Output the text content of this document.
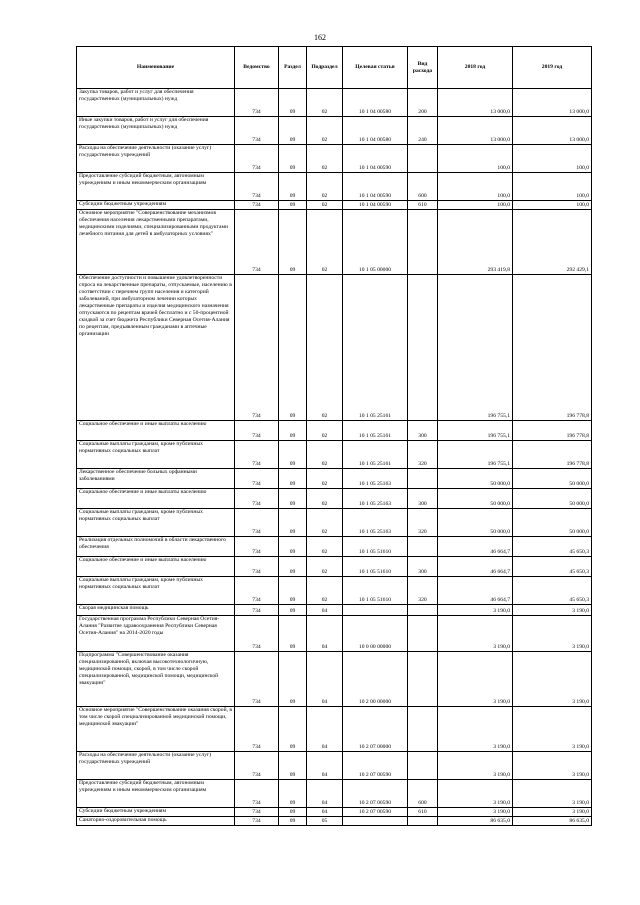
162
Наименование	Ведомство	Раздел	Подраздел	Целевая статья	Вид расхода	2018 год	2019 год
Закупка товаров, работ и услуг для обеспечения государственных (муниципальных) нужд	734	09	02	10 1 04 00580	200	13 000,0	13 000,0
Иные закупки товаров, работ и услуг для обеспечения государственных (муниципальных) нужд	734	09	02	10 1 04 00580	240	13 000,0	13 000,0
Расходы на обеспечение деятельности (оказание услуг) государственных учреждений	734	09	02	10 1 04 00590		100,0	100,0
Предоставление субсидий бюджетным, автономным учреждениям и иным некоммерческим организациям	734	09	02	10 1 04 00590	600	100,0	100,0
Субсидии бюджетным учреждениям	734	09	02	10 1 04 00590	610	100,0	100,0
Основное мероприятие "Совершенствование механизмов обеспечения населения лекарственными препаратами, медицинскими изделиями, специализированными продуктами лечебного питания для детей в амбулаторных условиях"	734	09	02	10 1 05 00000		293 419,8	292 429,1
Обеспечение доступности и повышение удовлетворенности спроса на лекарственные препараты, отпускаемые, населению в соответствии с перечнем групп населения и категорий заболеваний, при амбулаторном лечении которых лекарственные препараты и изделия медицинского назначения отпускаются по рецептам врачей бесплатно и с 50-процентной скидкой за счет бюджета Республики Северная Осетия-Алания по рецептам, предъявленным гражданами в аптечные организации	734	09	02	10 1 05 25161		196 755,1	196 778,8
Социальное обеспечение и иные выплаты населению	734	09	02	10 1 05 25161	300	196 755,1	196 778,8
Социальные выплаты гражданам, кроме публичных нормативных социальных выплат	734	09	02	10 1 05 25161	320	196 755,1	196 778,8
Лекарственное обеспечение больных орфанными заболеваниями	734	09	02	10 1 05 25163		50 000,0	50 000,0
Социальное обеспечение и иные выплаты населению	734	09	02	10 1 05 25163	300	50 000,0	50 000,0
Социальные выплаты гражданам, кроме публичных нормативных социальных выплат	734	09	02	10 1 05 25163	320	50 000,0	50 000,0
Реализация отдельных полномочий в области лекарственного обеспечения	734	09	02	10 1 05 51610		46 664,7	45 650,3
Социальное обеспечение и иные выплаты населению	734	09	02	10 1 05 51610	300	46 664,7	45 650,3
Социальные выплаты гражданам, кроме публичных нормативных социальных выплат	734	09	02	10 1 05 51610	320	46 664,7	45 650,3
Скорая медицинская помощь	734	09	04			3 190,0	3 190,0
Государственная программа Республики Северная Осетия-Алания "Развитие здравоохранения Республики Северная Осетия-Алания" на 2014-2020 годы	734	09	04	10 0 00 00000		3 190,0	3 190,0
Подпрограмма "Совершенствование оказания специализированной, включая высокотехнологичную, медицинской помощи, скорой, в том числе скорой специализированной, медицинской помощи, медицинской эвакуации"	734	09	04	10 2 00 00000		3 190,0	3 190,0
Основное мероприятие "Совершенствование оказания скорой, в том числе скорой специализированной медицинской помощи, медицинской эвакуации"	734	09	04	10 2 07 00000		3 190,0	3 190,0
Расходы на обеспечение деятельности (оказание услуг) государственных учреждений	734	09	04	10 2 07 00590		3 190,0	3 190,0
Предоставление субсидий бюджетным, автономным учреждениям и иным некоммерческим организациям	734	09	04	10 2 07 00590	600	3 190,0	3 190,0
Субсидии бюджетным учреждениям	734	09	04	10 2 07 00590	610	3 190,0	3 190,0
Санаторно-оздоровительная помощь	734	09	05			86 635,0	86 635,0
